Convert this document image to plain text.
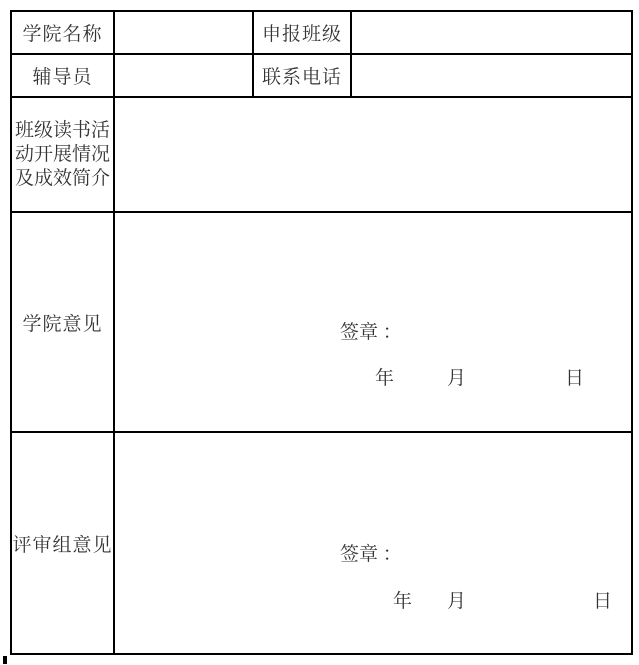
学院名称		申报班级	
辅导员		联系电话	
班级读书活动开展情况及成效简介			
学院意见	签章 ：
年 月 日		

评审组意见	签章 ：
年 月 日		
